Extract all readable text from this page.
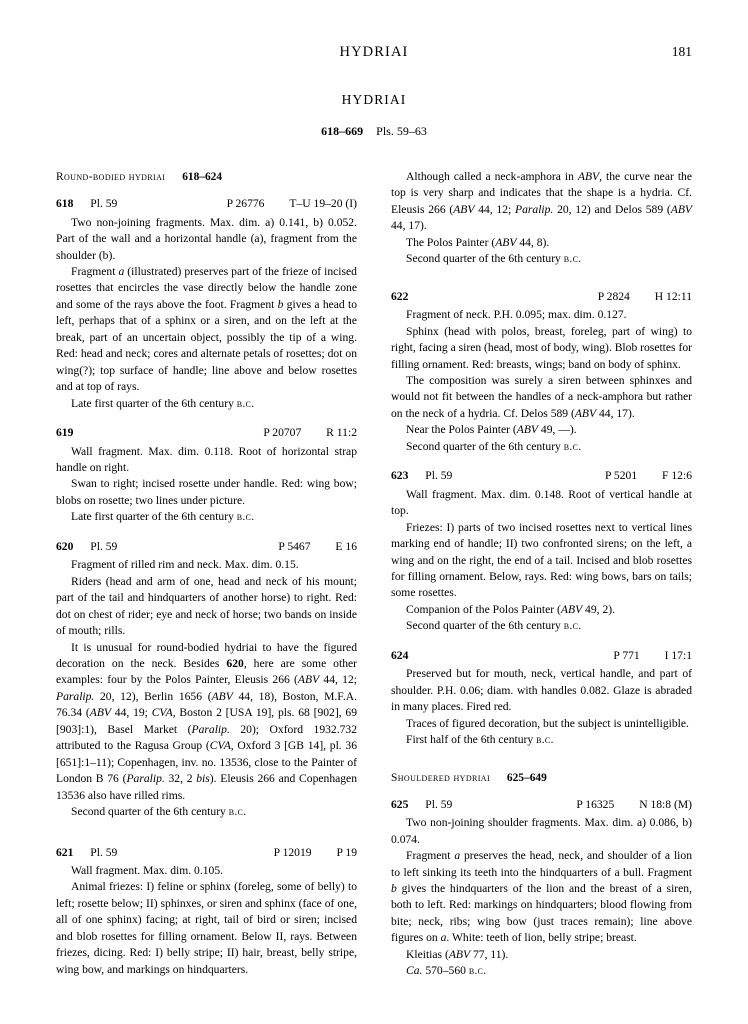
HYDRIAI	181
HYDRIAI
618–669 Pls. 59–63
Round-bodied hydriai 618–624
618 Pl. 59	P 26776 T–U 19–20 (I)

Two non-joining fragments. Max. dim. a) 0.141, b) 0.052. Part of the wall and a horizontal handle (a), fragment from the shoulder (b).

Fragment a (illustrated) preserves part of the frieze of incised rosettes that encircles the vase directly below the handle zone and some of the rays above the foot. Fragment b gives a head to left, perhaps that of a sphinx or a siren, and on the left at the break, part of an uncertain object, possibly the tip of a wing. Red: head and neck; cores and alternate petals of rosettes; dot on wing(?); top surface of handle; line above and below rosettes and at top of rays.

Late first quarter of the 6th century b.c.

619	P 20707 R 11:2

Wall fragment. Max. dim. 0.118. Root of horizontal strap handle on right.

Swan to right; incised rosette under handle. Red: wing bow; blobs on rosette; two lines under picture.

Late first quarter of the 6th century b.c.

620 Pl. 59	P 5467 E 16

Fragment of rilled rim and neck. Max. dim. 0.15.

Riders (head and arm of one, head and neck of his mount; part of the tail and hindquarters of another horse) to right. Red: dot on chest of rider; eye and neck of horse; two bands on inside of mouth; rills.

It is unusual for round-bodied hydriai to have the figured decoration on the neck. Besides 620, here are some other examples: four by the Polos Painter, Eleusis 266 (ABV 44, 12; Paralip. 20, 12), Berlin 1656 (ABV 44, 18), Boston, M.F.A. 76.34 (ABV 44, 19; CVA, Boston 2 [USA 19], pls. 68 [902], 69 [903]:1), Basel Market (Paralip. 20); Oxford 1932.732 attributed to the Ragusa Group (CVA, Oxford 3 [GB 14], pl. 36 [651]:1–11); Copenhagen, inv. no. 13536, close to the Painter of London B 76 (Paralip. 32, 2 bis). Eleusis 266 and Copenhagen 13536 also have rilled rims.

Second quarter of the 6th century b.c.

621 Pl. 59	P 12019 P 19

Wall fragment. Max. dim. 0.105.

Animal friezes: I) feline or sphinx (foreleg, some of belly) to left; rosette below; II) sphinxes, or siren and sphinx (face of one, all of one sphinx) facing; at right, tail of bird or siren; incised and blob rosettes for filling ornament. Below II, rays. Between friezes, dicing. Red: I) belly stripe; II) hair, breast, belly stripe, wing bow, and markings on hindquarters.

Although called a neck-amphora in ABV, the curve near the top is very sharp and indicates that the shape is a hydria. Cf. Eleusis 266 (ABV 44, 12; Paralip. 20, 12) and Delos 589 (ABV 44, 17).

The Polos Painter (ABV 44, 8).

Second quarter of the 6th century b.c.

622	P 2824 H 12:11

Fragment of neck. P.H. 0.095; max. dim. 0.127.

Sphinx (head with polos, breast, foreleg, part of wing) to right, facing a siren (head, most of body, wing). Blob rosettes for filling ornament. Red: breasts, wings; band on body of sphinx.

The composition was surely a siren between sphinxes and would not fit between the handles of a neck-amphora but rather on the neck of a hydria. Cf. Delos 589 (ABV 44, 17).

Near the Polos Painter (ABV 49, —).

Second quarter of the 6th century b.c.

623 Pl. 59	P 5201 F 12:6

Wall fragment. Max. dim. 0.148. Root of vertical handle at top.

Friezes: I) parts of two incised rosettes next to vertical lines marking end of handle; II) two confronted sirens; on the left, a wing and on the right, the end of a tail. Incised and blob rosettes for filling ornament. Below, rays. Red: wing bows, bars on tails; some rosettes.

Companion of the Polos Painter (ABV 49, 2).

Second quarter of the 6th century b.c.

624	P 771 I 17:1

Preserved but for mouth, neck, vertical handle, and part of shoulder. P.H. 0.06; diam. with handles 0.082. Glaze is abraded in many places. Fired red.

Traces of figured decoration, but the subject is unintelligible.

First half of the 6th century b.c.

Shouldered hydriai 625–649
625 Pl. 59	P 16325 N 18:8 (M)

Two non-joining shoulder fragments. Max. dim. a) 0.086, b) 0.074.

Fragment a preserves the head, neck, and shoulder of a lion to left sinking its teeth into the hindquarters of a bull. Fragment b gives the hindquarters of the lion and the breast of a siren, both to left. Red: markings on hindquarters; blood flowing from bite; neck, ribs; wing bow (just traces remain); line above figures on a. White: teeth of lion, belly stripe; breast.

Kleitias (ABV 77, 11).

Ca. 570–560 b.c.
